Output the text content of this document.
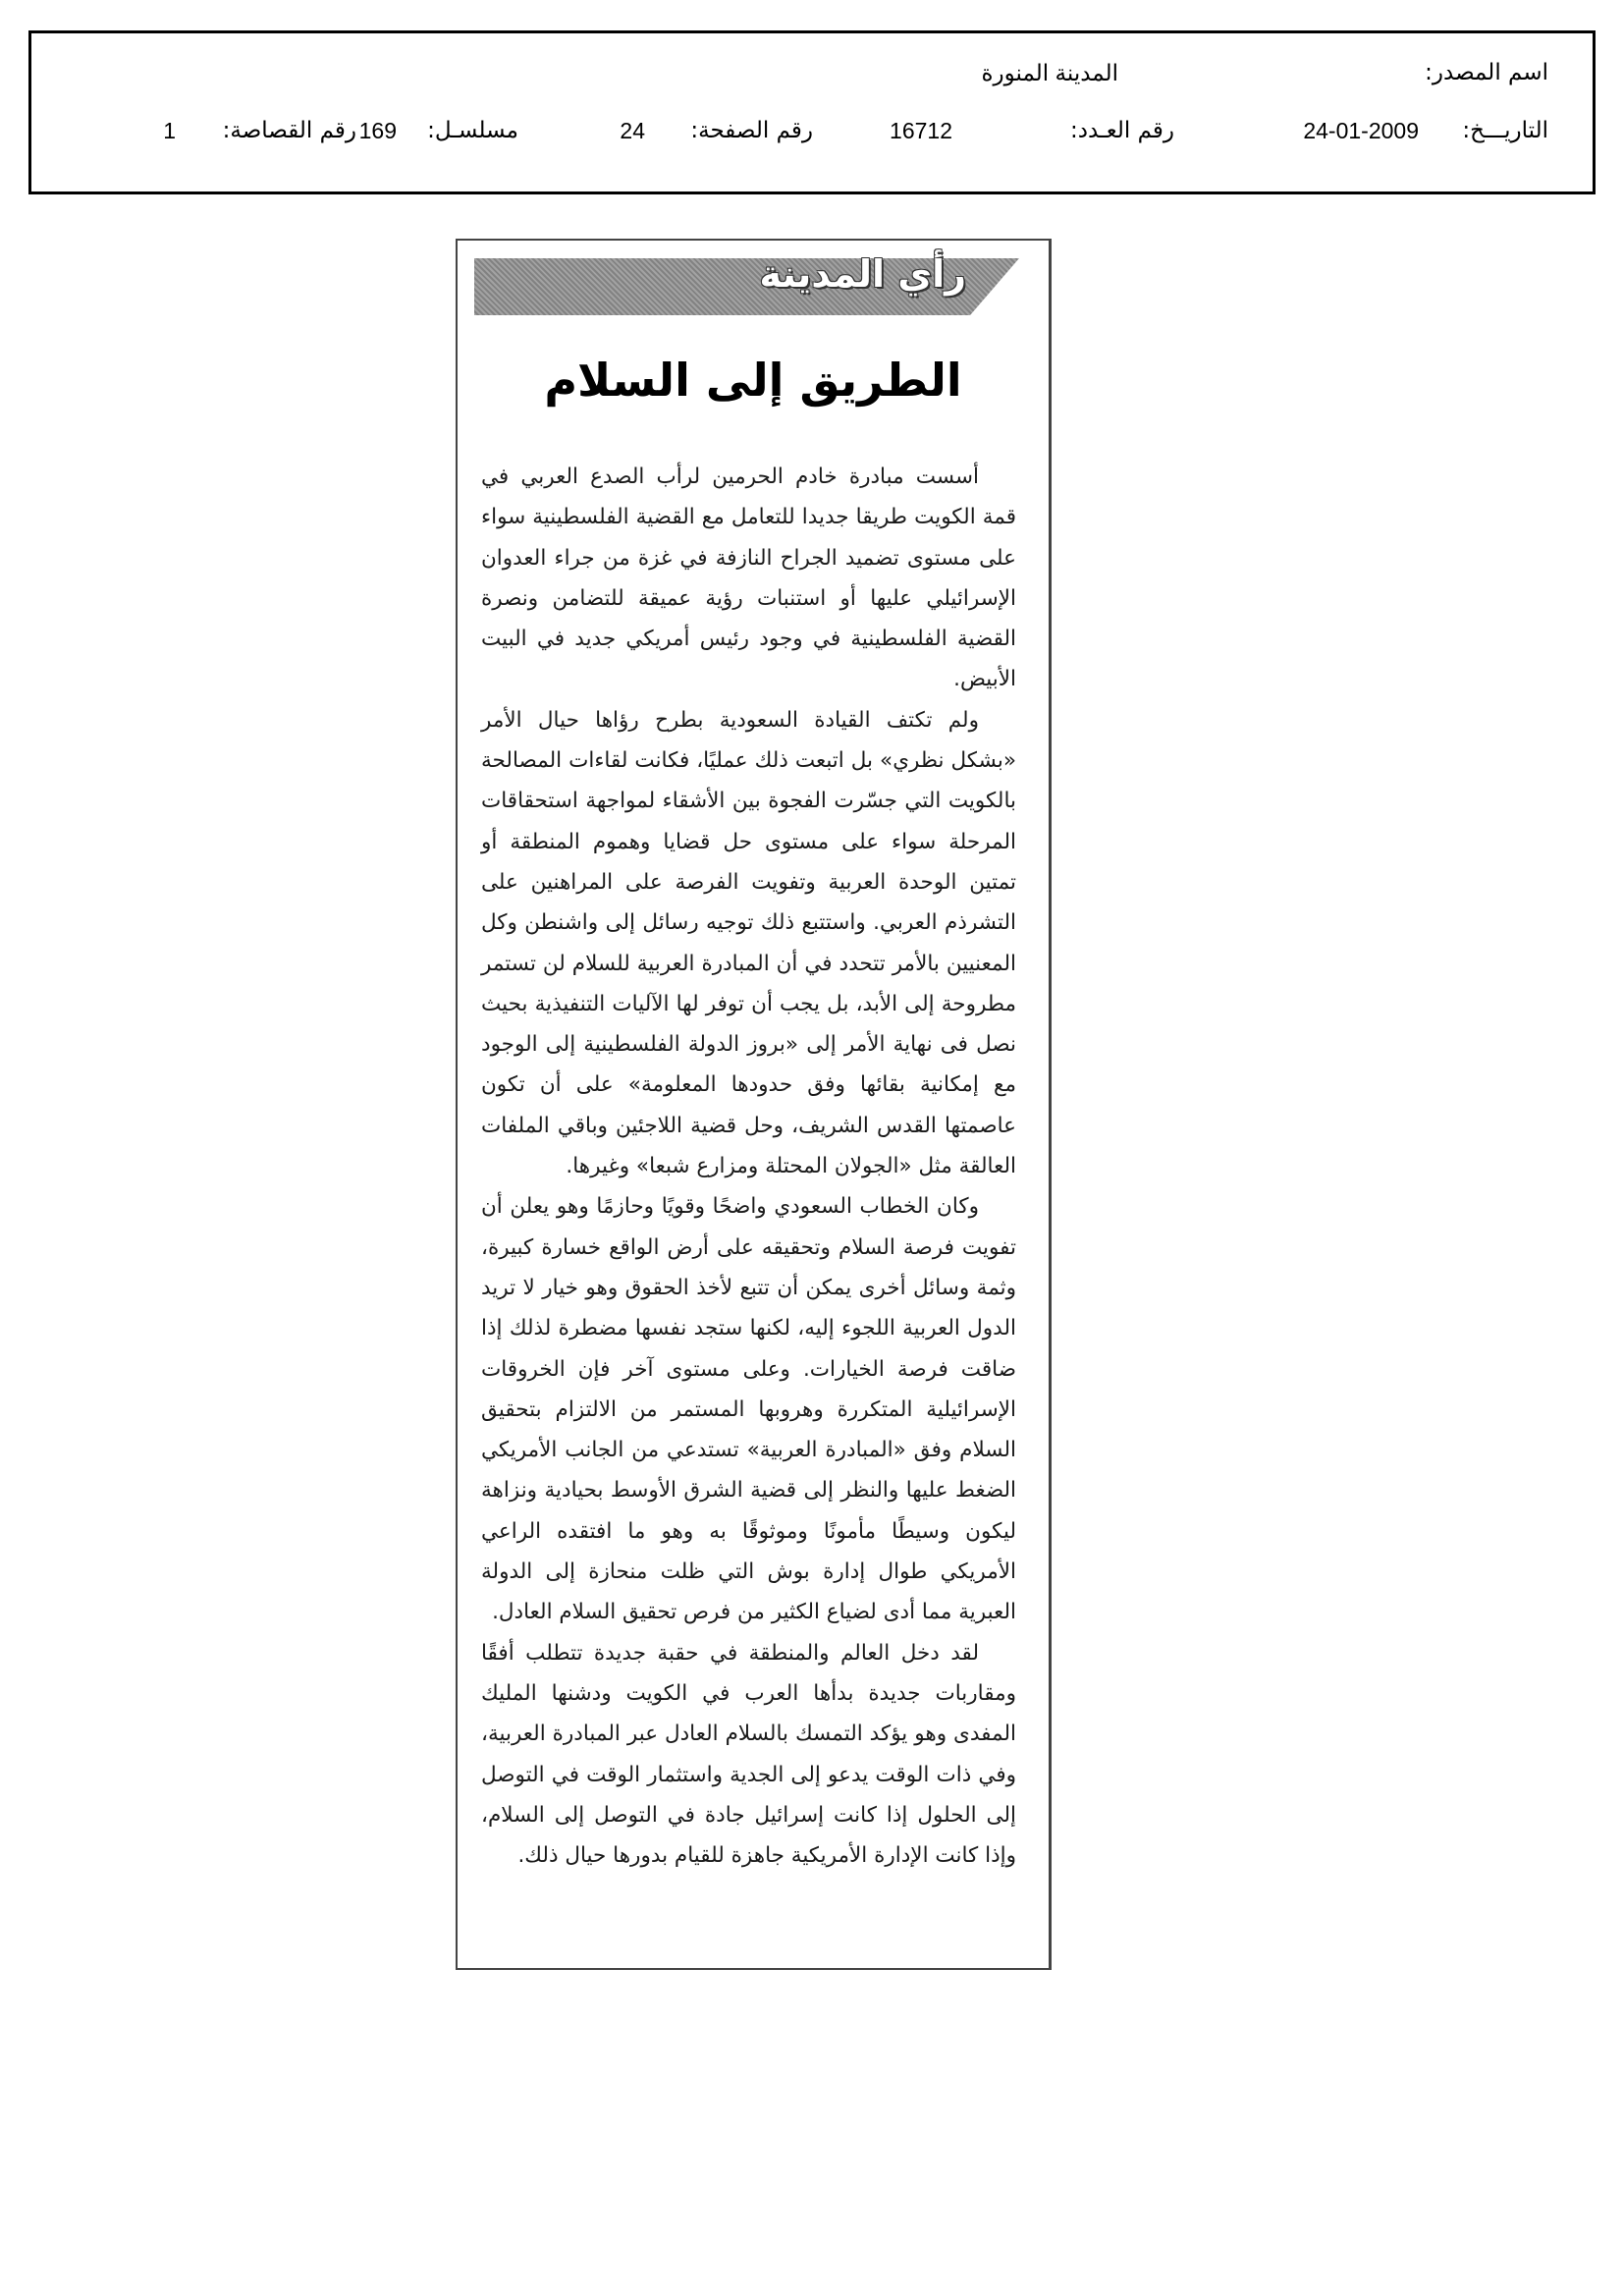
اسم المصدر:
المدينة المنورة
التاريـــخ:
24-01-2009
رقم العـدد:
16712
رقم الصفحة:
24
مسلسـل:
169
رقم القصاصة:
1
رأي المدينة
الطريق إلى السلام

أسست مبادرة خادم الحرمين لرأب الصدع العربي في قمة الكويت طريقا جديدا للتعامل مع القضية الفلسطينية سواء على مستوى تضميد الجراح النازفة في غزة من جراء العدوان الإسرائيلي عليها أو استنبات رؤية عميقة للتضامن ونصرة القضية الفلسطينية في وجود رئيس أمريكي جديد في البيت الأبيض.

ولم تكتف القيادة السعودية بطرح رؤاها حيال الأمر «بشكل نظري» بل اتبعت ذلك عمليًا، فكانت لقاءات المصالحة بالكويت التي جسّرت الفجوة بين الأشقاء لمواجهة استحقاقات المرحلة سواء على مستوى حل قضايا وهموم المنطقة أو تمتين الوحدة العربية وتفويت الفرصة على المراهنين على التشرذم العربي. واستتبع ذلك توجيه رسائل إلى واشنطن وكل المعنيين بالأمر تتحدد في أن المبادرة العربية للسلام لن تستمر مطروحة إلى الأبد، بل يجب أن توفر لها الآليات التنفيذية بحيث نصل فى نهاية الأمر إلى «بروز الدولة الفلسطينية إلى الوجود مع إمكانية بقائها وفق حدودها المعلومة» على أن تكون عاصمتها القدس الشريف، وحل قضية اللاجئين وباقي الملفات العالقة مثل «الجولان المحتلة ومزارع شبعا» وغيرها.

وكان الخطاب السعودي واضحًا وقويًا وحازمًا وهو يعلن أن تفويت فرصة السلام وتحقيقه على أرض الواقع خسارة كبيرة، وثمة وسائل أخرى يمكن أن تتبع لأخذ الحقوق وهو خيار لا تريد الدول العربية اللجوء إليه، لكنها ستجد نفسها مضطرة لذلك إذا ضاقت فرصة الخيارات. وعلى مستوى آخر فإن الخروقات الإسرائيلية المتكررة وهروبها المستمر من الالتزام بتحقيق السلام وفق «المبادرة العربية» تستدعي من الجانب الأمريكي الضغط عليها والنظر إلى قضية الشرق الأوسط بحيادية ونزاهة ليكون وسيطًا مأمونًا وموثوقًا به وهو ما افتقده الراعي الأمريكي طوال إدارة بوش التي ظلت منحازة إلى الدولة العبرية مما أدى لضياع الكثير من فرص تحقيق السلام العادل.

لقد دخل العالم والمنطقة في حقبة جديدة تتطلب أفقًا ومقاربات جديدة بدأها العرب في الكويت ودشنها المليك المفدى وهو يؤكد التمسك بالسلام العادل عبر المبادرة العربية، وفي ذات الوقت يدعو إلى الجدية واستثمار الوقت في التوصل إلى الحلول إذا كانت إسرائيل جادة في التوصل إلى السلام، وإذا كانت الإدارة الأمريكية جاهزة للقيام بدورها حيال ذلك.
